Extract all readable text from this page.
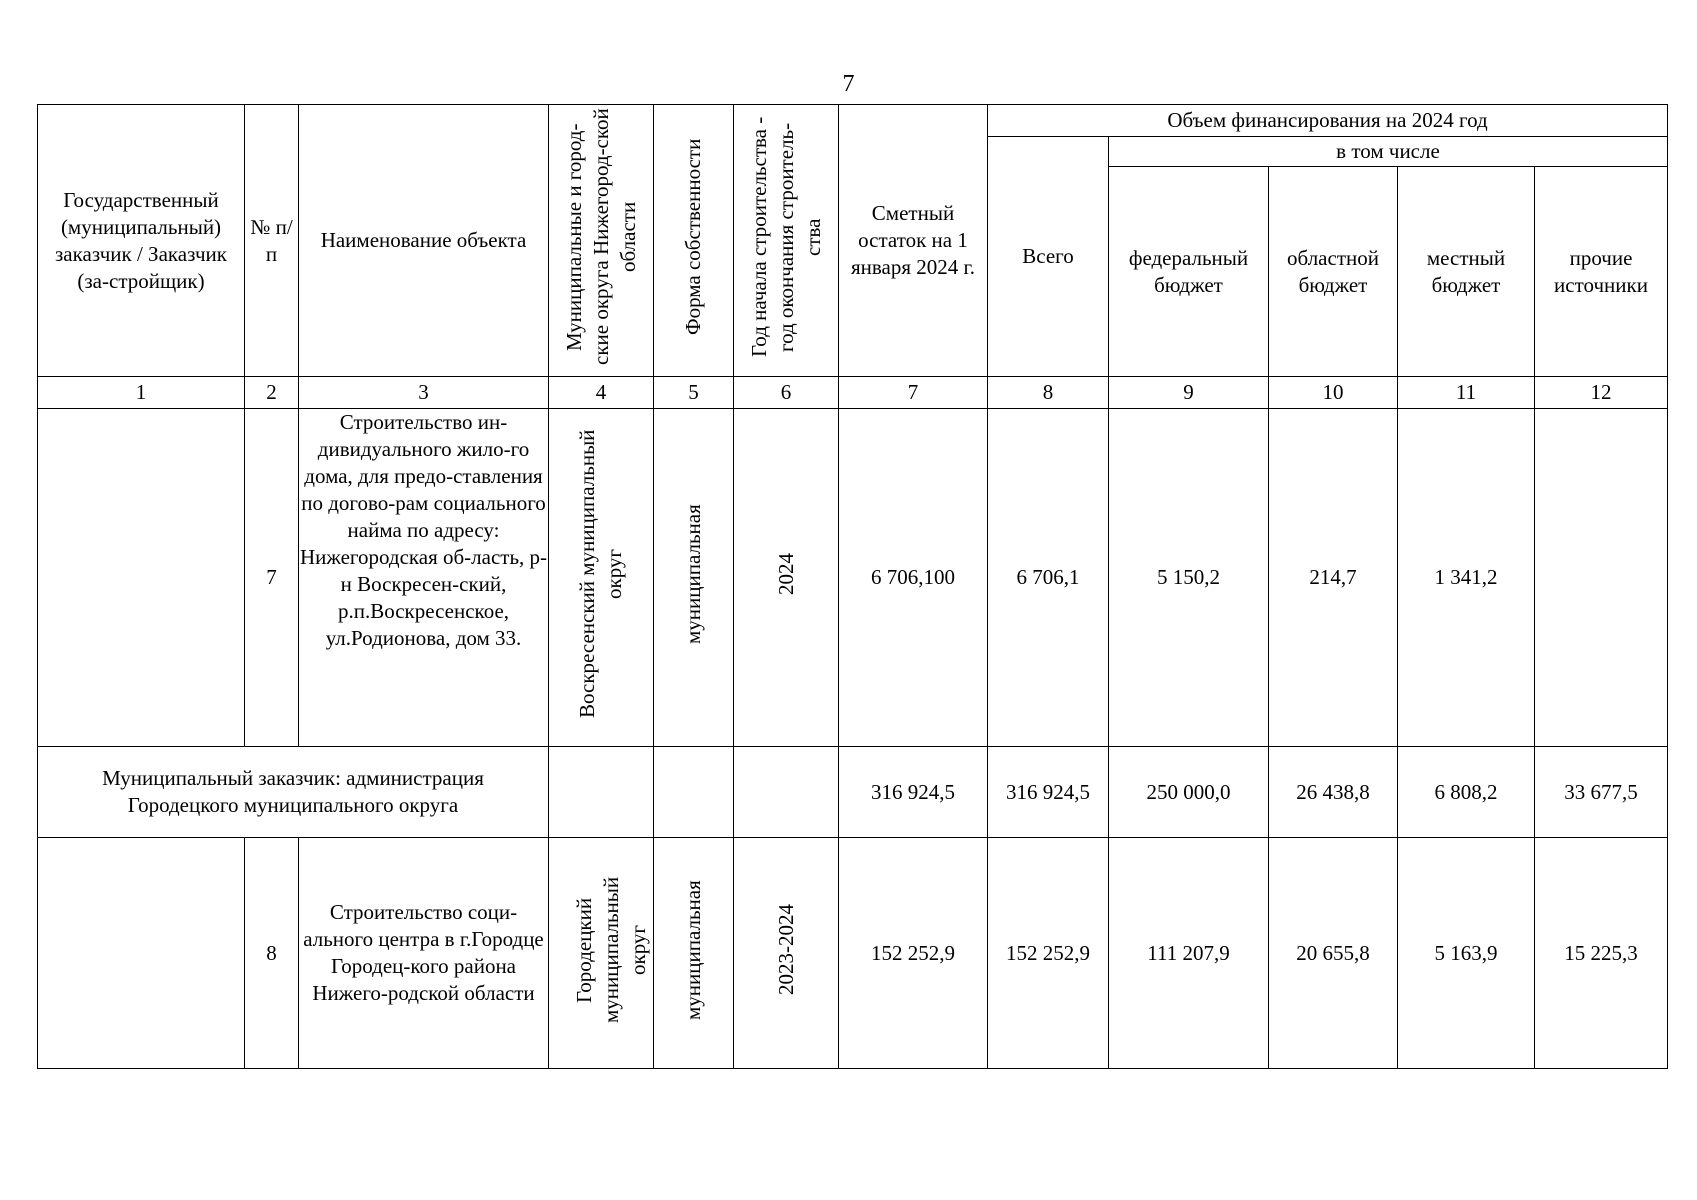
7
Государственный (муниципальный) заказчик / Заказчик (за-стройщик)	№ п/п	Наименование объекта	Муниципальные и город-ские округа Нижегород-ской области	Форма собственности	Год начала строительства - год окончания строитель-ства	Сметный остаток на 1 января 2024 г.	Объем финансирования на 2024 год				
							Всего	в том числе			
								федеральный бюджет	областной бюджет	местный бюджет	прочие источники
1	2	3	4	5	6	7	8	9	10	11	12
	7	Строительство ин-дивидуального жило-го дома, для предо-ставления по догово-рам социального найма по адресу: Нижегородская об-ласть, р-н Воскресен-ский, р.п.Воскресенское, ул.Родионова, дом 33.	Воскресенский муниципальный округ	муниципальная	2024	6 706,100	6 706,1	5 150,2	214,7	1 341,2	
Муниципальный заказчик: администрация Городецкого муниципального округа						316 924,5	316 924,5	250 000,0	26 438,8	6 808,2	33 677,5
	8	Строительство соци-ального центра в г.Городце Городец-кого района Нижего-родской области	Городецкий муниципальный округ	муниципальная	2023-2024	152 252,9	152 252,9	111 207,9	20 655,8	5 163,9	15 225,3
